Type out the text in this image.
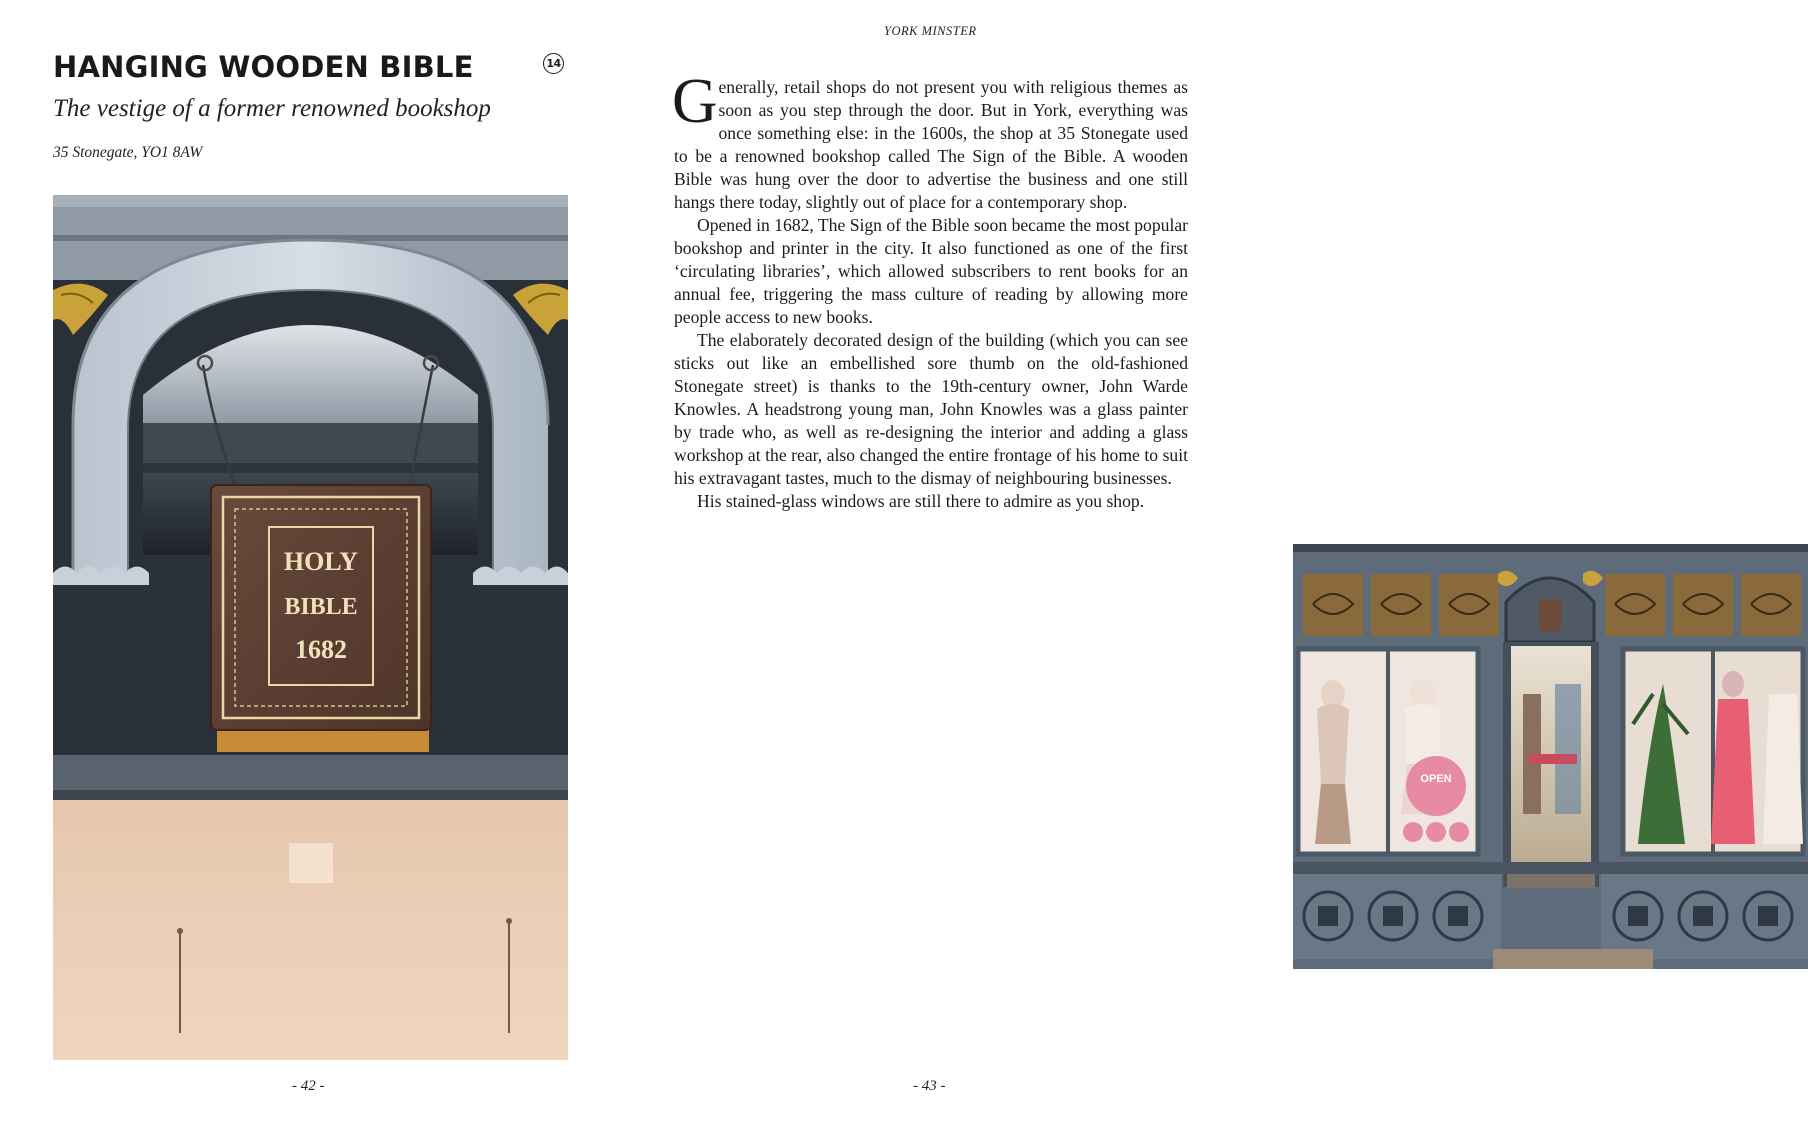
HANGING WOODEN BIBLE	14
The vestige of a former renowned bookshop
35 Stonegate, YO1 8AW
HOLY
BIBLE
1682
- 42 -
YORK MINSTER

Generally, retail shops do not present you with religious themes as soon as you step through the door. But in York, everything was once something else: in the 1600s, the shop at 35 Stonegate used to be a renowned bookshop called The Sign of the Bible. A wooden Bible was hung over the door to advertise the business and one still hangs there today, slightly out of place for a contemporary shop.

Opened in 1682, The Sign of the Bible soon became the most popular bookshop and printer in the city. It also functioned as one of the first ‘circulating libraries’, which allowed subscribers to rent books for an annual fee, triggering the mass culture of reading by allowing more people access to new books.

The elaborately decorated design of the building (which you can see sticks out like an embellished sore thumb on the old-fashioned Stonegate street) is thanks to the 19th-century owner, John Warde Knowles. A headstrong young man, John Knowles was a glass painter by trade who, as well as re-designing the interior and adding a glass workshop at the rear, also changed the entire frontage of his home to suit his extravagant tastes, much to the dismay of neighbouring businesses.

His stained-glass windows are still there to admire as you shop.

OPEN
- 43 -
